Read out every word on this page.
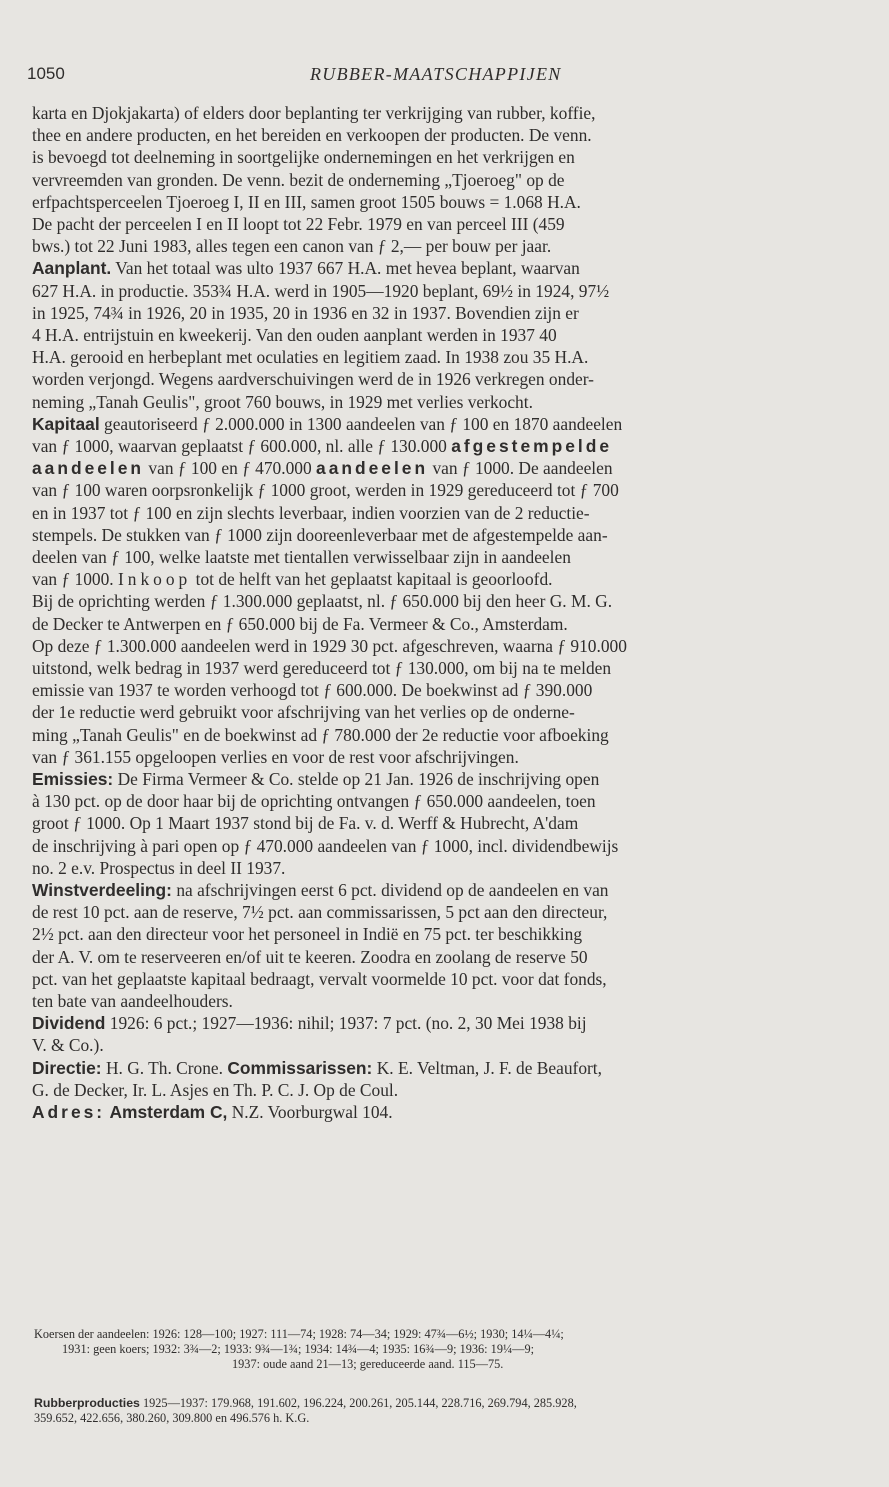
1050	RUBBER-MAATSCHAPPIJEN
karta en Djokjakarta) of elders door beplanting ter verkrijging van rubber, koffie,
thee en andere producten, en het bereiden en verkoopen der producten. De venn.
is bevoegd tot deelneming in soortgelijke ondernemingen en het verkrijgen en
vervreemden van gronden. De venn. bezit de onderneming „Tjoeroeg" op de
erfpachtsperceelen Tjoeroeg I, II en III, samen groot 1505 bouws = 1.068 H.A.
De pacht der perceelen I en II loopt tot 22 Febr. 1979 en van perceel III (459
bws.) tot 22 Juni 1983, alles tegen een canon van ƒ 2,— per bouw per jaar.
Aanplant. Van het totaal was ulto 1937 667 H.A. met hevea beplant, waarvan
627 H.A. in productie. 353¾ H.A. werd in 1905—1920 beplant, 69½ in 1924, 97½
in 1925, 74¾ in 1926, 20 in 1935, 20 in 1936 en 32 in 1937. Bovendien zijn er
4 H.A. entrijstuin en kweekerij. Van den ouden aanplant werden in 1937 40
H.A. gerooid en herbeplant met oculaties en legitiem zaad. In 1938 zou 35 H.A.
worden verjongd. Wegens aardverschuivingen werd de in 1926 verkregen onder-
neming „Tanah Geulis", groot 760 bouws, in 1929 met verlies verkocht.
Kapitaal geautoriseerd ƒ 2.000.000 in 1300 aandeelen van ƒ 100 en 1870 aandeelen
van ƒ 1000, waarvan geplaatst ƒ 600.000, nl. alle ƒ 130.000 afgestempelde
aandeelen van ƒ 100 en ƒ 470.000 aandeelen van ƒ 1000. De aandeelen
van ƒ 100 waren oorpsronkelijk ƒ 1000 groot, werden in 1929 gereduceerd tot ƒ 700
en in 1937 tot ƒ 100 en zijn slechts leverbaar, indien voorzien van de 2 reductie-
stempels. De stukken van ƒ 1000 zijn dooreenleverbaar met de afgestempelde aan-
deelen van ƒ 100, welke laatste met tientallen verwisselbaar zijn in aandeelen
van ƒ 1000. Inkoop tot de helft van het geplaatst kapitaal is geoorloofd.
Bij de oprichting werden ƒ 1.300.000 geplaatst, nl. ƒ 650.000 bij den heer G. M. G.
de Decker te Antwerpen en ƒ 650.000 bij de Fa. Vermeer & Co., Amsterdam.
Op deze ƒ 1.300.000 aandeelen werd in 1929 30 pct. afgeschreven, waarna ƒ 910.000
uitstond, welk bedrag in 1937 werd gereduceerd tot ƒ 130.000, om bij na te melden
emissie van 1937 te worden verhoogd tot ƒ 600.000. De boekwinst ad ƒ 390.000
der 1e reductie werd gebruikt voor afschrijving van het verlies op de onderne-
ming „Tanah Geulis" en de boekwinst ad ƒ 780.000 der 2e reductie voor afboeking
van ƒ 361.155 opgeloopen verlies en voor de rest voor afschrijvingen.
Emissies: De Firma Vermeer & Co. stelde op 21 Jan. 1926 de inschrijving open
à 130 pct. op de door haar bij de oprichting ontvangen ƒ 650.000 aandeelen, toen
groot ƒ 1000. Op 1 Maart 1937 stond bij de Fa. v. d. Werff & Hubrecht, A'dam
de inschrijving à pari open op ƒ 470.000 aandeelen van ƒ 1000, incl. dividendbewijs
no. 2 e.v. Prospectus in deel II 1937.
Winstverdeeling: na afschrijvingen eerst 6 pct. dividend op de aandeelen en van
de rest 10 pct. aan de reserve, 7½ pct. aan commissarissen, 5 pct aan den directeur,
2½ pct. aan den directeur voor het personeel in Indië en 75 pct. ter beschikking
der A. V. om te reserveeren en/of uit te keeren. Zoodra en zoolang de reserve 50
pct. van het geplaatste kapitaal bedraagt, vervalt voormelde 10 pct. voor dat fonds,
ten bate van aandeelhouders.
Dividend 1926: 6 pct.; 1927—1936: nihil; 1937: 7 pct. (no. 2, 30 Mei 1938 bij
V. & Co.).
Directie: H. G. Th. Crone. Commissarissen: K. E. Veltman, J. F. de Beaufort,
G. de Decker, Ir. L. Asjes en Th. P. C. J. Op de Coul.
Adres: Amsterdam C, N.Z. Voorburgwal 104.
Koersen der aandeelen: 1926: 128—100; 1927: 111—74; 1928: 74—34; 1929: 47¾—6½; 1930; 14¼—4¼;
1931: geen koers; 1932: 3¾—2; 1933: 9¾—1¾; 1934: 14¾—4; 1935: 16¾—9; 1936: 19¼—9;
1937: oude aand 21—13; gereduceerde aand. 115—75.
Rubberproducties 1925—1937: 179.968, 191.602, 196.224, 200.261, 205.144, 228.716, 269.794, 285.928,
359.652, 422.656, 380.260, 309.800 en 496.576 h. K.G.
